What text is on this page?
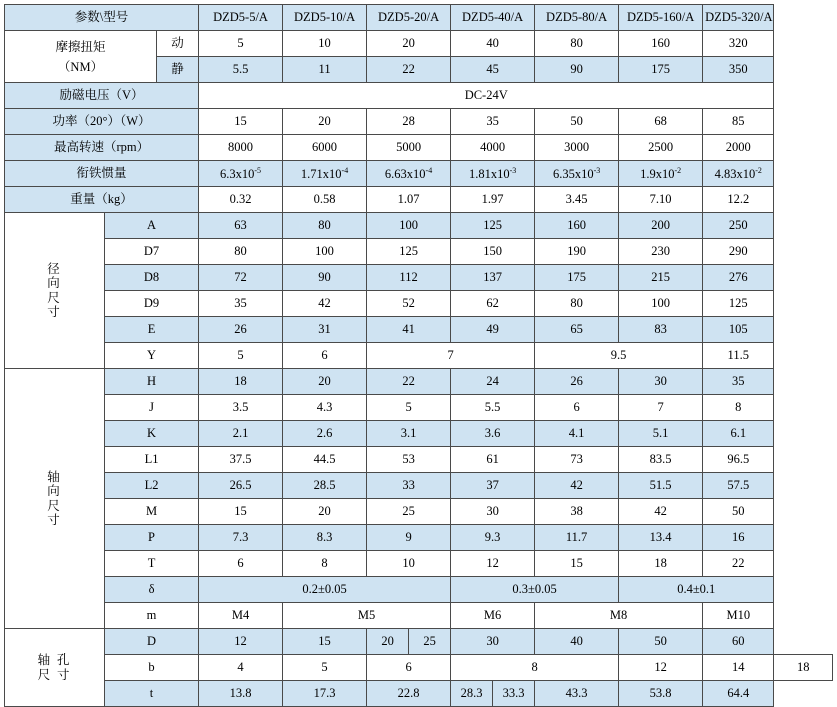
参数\型号			DZD5-5/A	DZD5-10/A	DZD5-20/A		DZD5-40/A		DZD5-80/A	DZD5-160/A	DZD5-320/A	
摩擦扭矩
（NM）		动	5	10	20		40		80	160	320	
		静	5.5	11	22		45		90	175	350	
励磁电压（V）			DC-24V									
功率（20°）（W）			15	20	28		35		50	68	85	
最高转速（rpm）			8000	6000	5000		4000		3000	2500	2000	
衔铁惯量			$6.3x10^{-5}$	$1.71x10^{-4}$	$6.63x10^{-4}$		$1.81x10^{-3}$		$6.35x10^{-3}$	$1.9x10^{-2}$	$4.83x10^{-2}$
重量（kg）			0.32	0.58	1.07		1.97		3.45	7.10	12.2	
径
向
尺
寸	A		63	80	100		125		160	200	250	
	D7		80	100	125		150		190	230	290	
	D8		72	90	112		137		175	215	276	
	D9		35	42	52		62		80	100	125	
	E		26	31	41		49		65	83	105	
	Y		5	6	7				9.5		11.5	
轴
向
尺
寸	H		18	20	22		24		26	30	35	
	J		3.5	4.3	5		5.5		6	7	8	
	K		2.1	2.6	3.1		3.6		4.1	5.1	6.1	
	L1		37.5	44.5	53		61		73	83.5	96.5	
	L2		26.5	28.5	33		37		42	51.5	57.5	
	M		15	20	25		30		38	42	50	
	P		7.3	8.3	9		9.3		11.7	13.4	16	
	T		6	8	10		12		15	18	22	
	δ		0.2±0.05				0.3±0.05			0.4±0.1		
	m		M4	M5			M6		M8		M10	
轴 孔
尺 寸	D		12	15	20	25	30		40	50	60	
	b		4	5	6		8			12	14	18
	t		13.8	17.3	22.8		28.3	33.3	43.3	53.8	64.4	
